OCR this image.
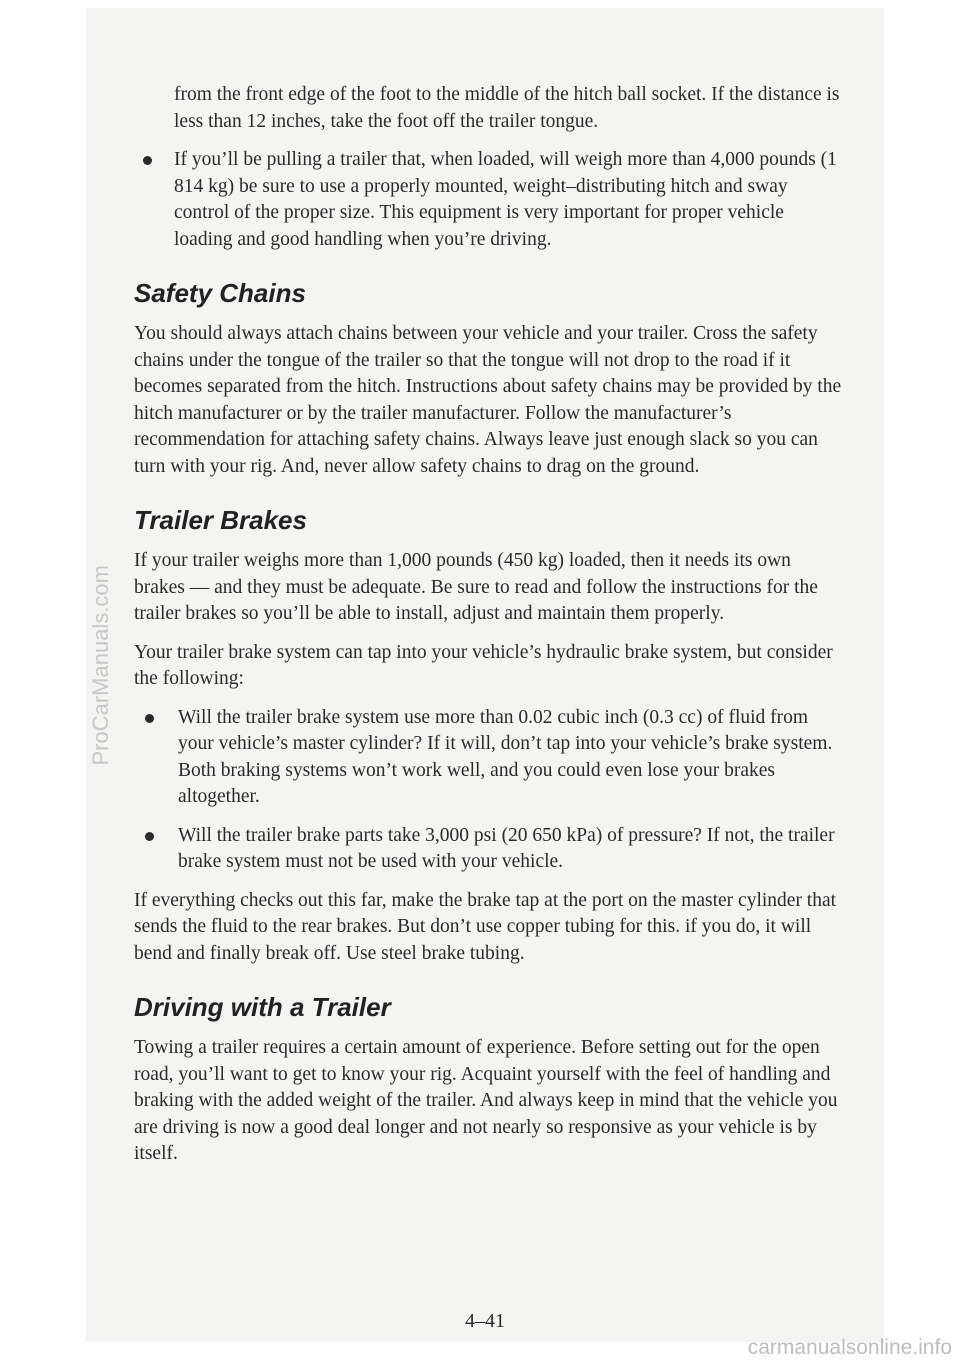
from the front edge of the foot to the middle of the hitch ball socket. If the distance is less than 12 inches, take the foot off the trailer tongue.

If you’ll be pulling a trailer that, when loaded, will weigh more than 4,000 pounds (1 814 kg) be sure to use a properly mounted, weight–distributing hitch and sway control of the proper size. This equipment is very important for proper vehicle loading and good handling when you’re driving.
Safety Chains

You should always attach chains between your vehicle and your trailer. Cross the safety chains under the tongue of the trailer so that the tongue will not drop to the road if it becomes separated from the hitch. Instructions about safety chains may be provided by the hitch manufacturer or by the trailer manufacturer. Follow the manufacturer’s recommendation for attaching safety chains. Always leave just enough slack so you can turn with your rig. And, never allow safety chains to drag on the ground.

Trailer Brakes

If your trailer weighs more than 1,000 pounds (450 kg) loaded, then it needs its own brakes — and they must be adequate. Be sure to read and follow the instructions for the trailer brakes so you’ll be able to install, adjust and maintain them properly.

Your trailer brake system can tap into your vehicle’s hydraulic brake system, but consider the following:

Will the trailer brake system use more than 0.02 cubic inch (0.3 cc) of fluid from your vehicle’s master cylinder? If it will, don’t tap into your vehicle’s brake system. Both braking systems won’t work well, and you could even lose your brakes altogether.
Will the trailer brake parts take 3,000 psi (20 650 kPa) of pressure? If not, the trailer brake system must not be used with your vehicle.

If everything checks out this far, make the brake tap at the port on the master cylinder that sends the fluid to the rear brakes. But don’t use copper tubing for this. if you do, it will bend and finally break off. Use steel brake tubing.

Driving with a Trailer

Towing a trailer requires a certain amount of experience. Before setting out for the open road, you’ll want to get to know your rig. Acquaint yourself with the feel of handling and braking with the added weight of the trailer. And always keep in mind that the vehicle you are driving is now a good deal longer and not nearly so responsive as your vehicle is by itself.

4–41
ProCarManuals.com
carmanualsonline.info
